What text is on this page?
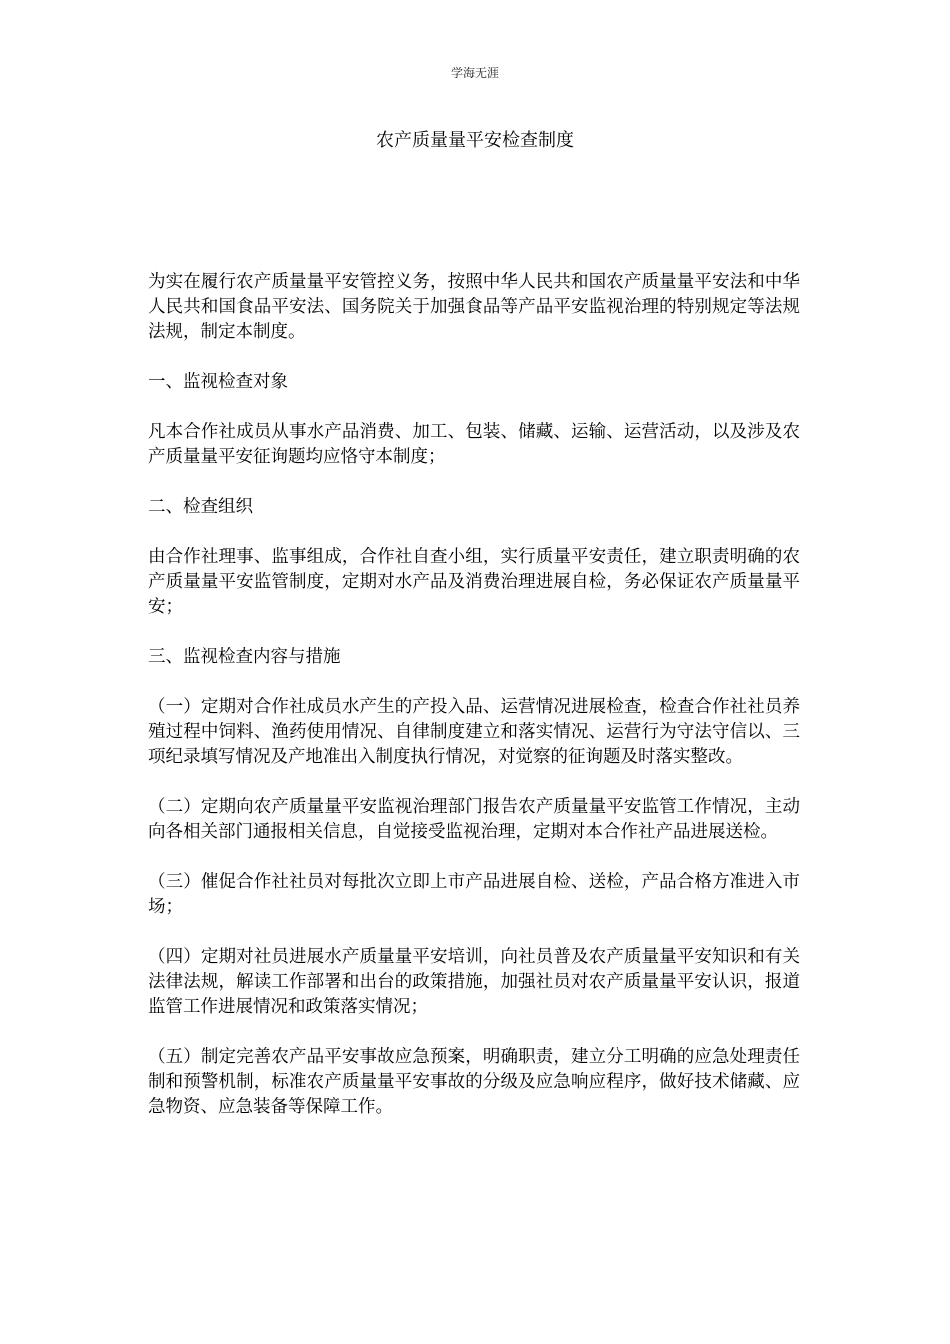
学海无涯
农产质量量平安检查制度

为实在履行农产质量量平安管控义务，按照中华人民共和国农产质量量平安法和中华人民共和国食品平安法、国务院关于加强食品等产品平安监视治理的特别规定等法规法规，制定本制度。

一、监视检查对象

凡本合作社成员从事水产品消费、加工、包装、储藏、运输、运营活动，以及涉及农产质量量平安征询题均应恪守本制度；

二、检查组织

由合作社理事、监事组成，合作社自查小组，实行质量平安责任，建立职责明确的农产质量量平安监管制度，定期对水产品及消费治理进展自检，务必保证农产质量量平安；

三、监视检查内容与措施

（一）定期对合作社成员水产生的产投入品、运营情况进展检查，检查合作社社员养殖过程中饲料、渔药使用情况、自律制度建立和落实情况、运营行为守法守信以、三项纪录填写情况及产地准出入制度执行情况，对觉察的征询题及时落实整改。

（二）定期向农产质量量平安监视治理部门报告农产质量量平安监管工作情况，主动向各相关部门通报相关信息，自觉接受监视治理，定期对本合作社产品进展送检。

（三）催促合作社社员对每批次立即上市产品进展自检、送检，产品合格方准进入市场；

（四）定期对社员进展水产质量量平安培训，向社员普及农产质量量平安知识和有关法律法规，解读工作部署和出台的政策措施，加强社员对农产质量量平安认识，报道监管工作进展情况和政策落实情况；

（五）制定完善农产品平安事故应急预案，明确职责，建立分工明确的应急处理责任制和预警机制，标准农产质量量平安事故的分级及应急响应程序，做好技术储藏、应急物资、应急装备等保障工作。
